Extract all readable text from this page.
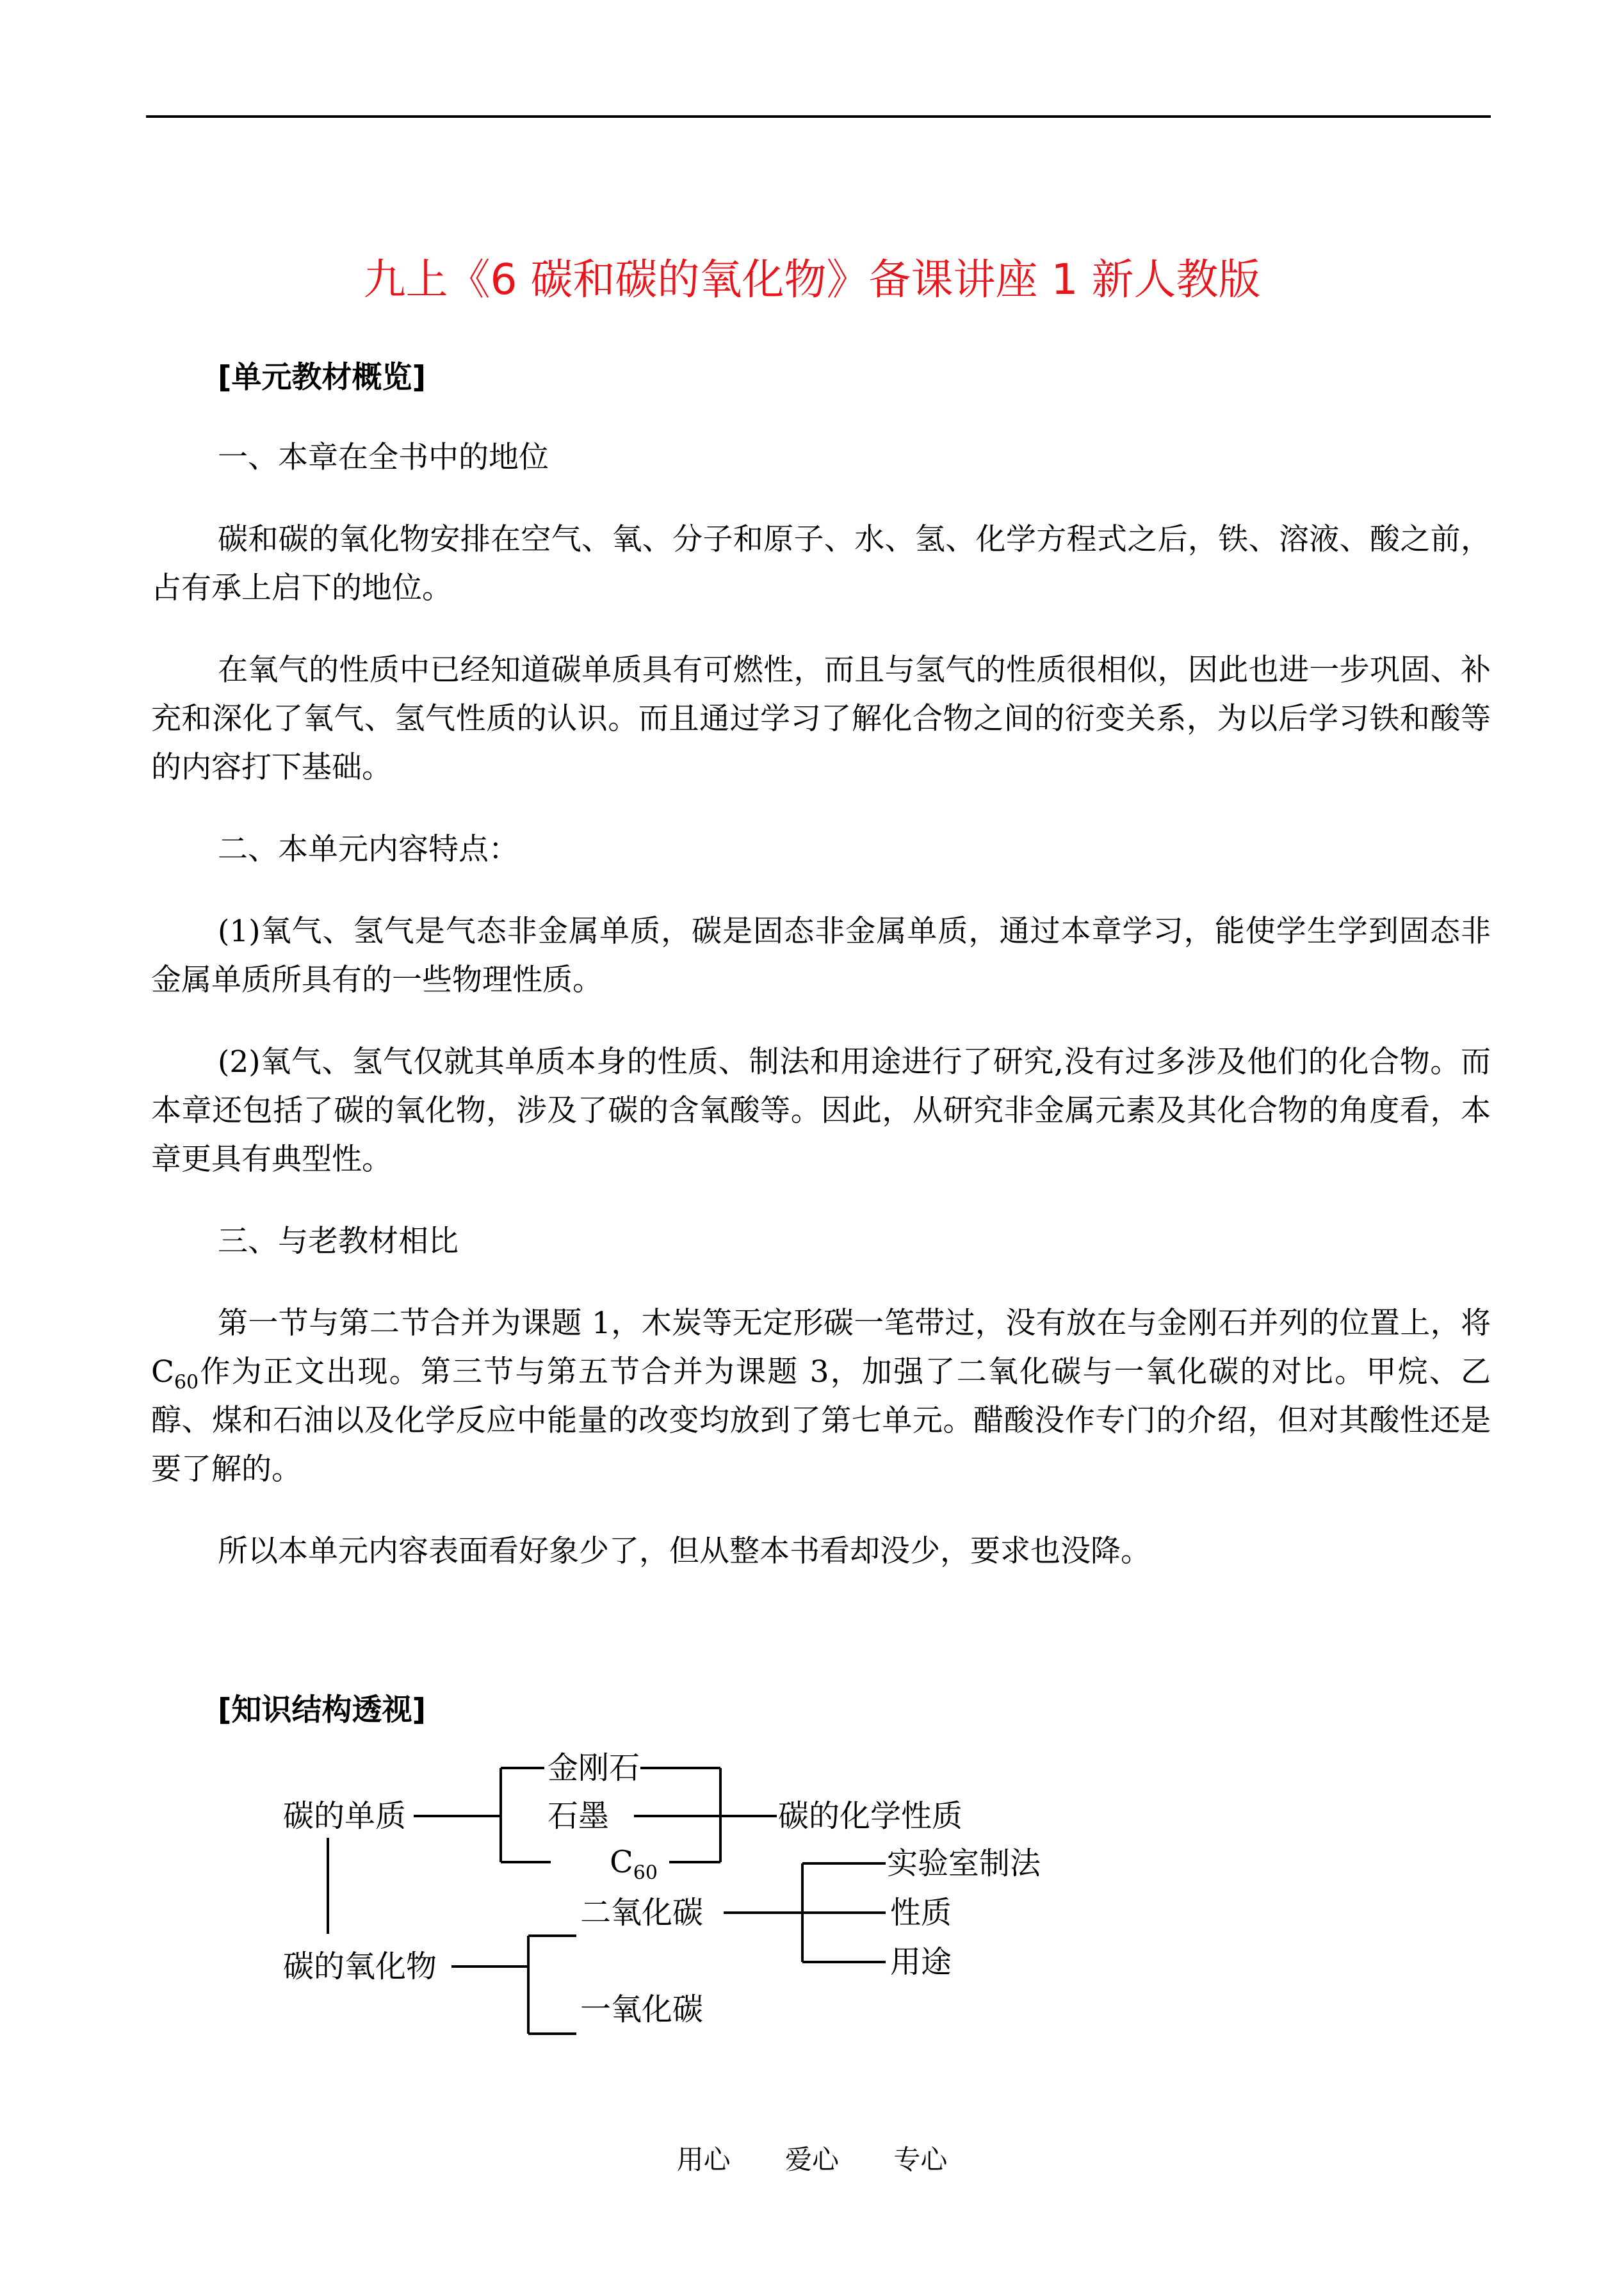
九上《6 碳和碳的氧化物》备课讲座 1 新人教版
[单元教材概览]

一、本章在全书中的地位

碳和碳的氧化物安排在空气、氧、分子和原子、水、氢、化学方程式之后，铁、溶液、酸之前，占有承上启下的地位。

在氧气的性质中已经知道碳单质具有可燃性，而且与氢气的性质很相似，因此也进一步巩固、补充和深化了氧气、氢气性质的认识。而且通过学习了解化合物之间的衍变关系，为以后学习铁和酸等的内容打下基础。

二、本单元内容特点：

(1)氧气、氢气是气态非金属单质，碳是固态非金属单质，通过本章学习，能使学生学到固态非金属单质所具有的一些物理性质。

(2)氧气、氢气仅就其单质本身的性质、制法和用途进行了研究,没有过多涉及他们的化合物。而本章还包括了碳的氧化物，涉及了碳的含氧酸等。因此，从研究非金属元素及其化合物的角度看，本章更具有典型性。

三、与老教材相比

第一节与第二节合并为课题 1，木炭等无定形碳一笔带过，没有放在与金刚石并列的位置上，将 $C_{60}$作为正文出现。第三节与第五节合并为课题 3，加强了二氧化碳与一氧化碳的对比。甲烷、乙醇、煤和石油以及化学反应中能量的改变均放到了第七单元。醋酸没作专门的介绍，但对其酸性还是要了解的。

所以本单元内容表面看好象少了，但从整本书看却没少，要求也没降。

[知识结构透视]
碳的单质
金刚石
石墨
$C_{60}$
碳的化学性质
碳的氧化物
二氧化碳
一氧化碳
实验室制法
性质
用途
用心 爱心 专心
